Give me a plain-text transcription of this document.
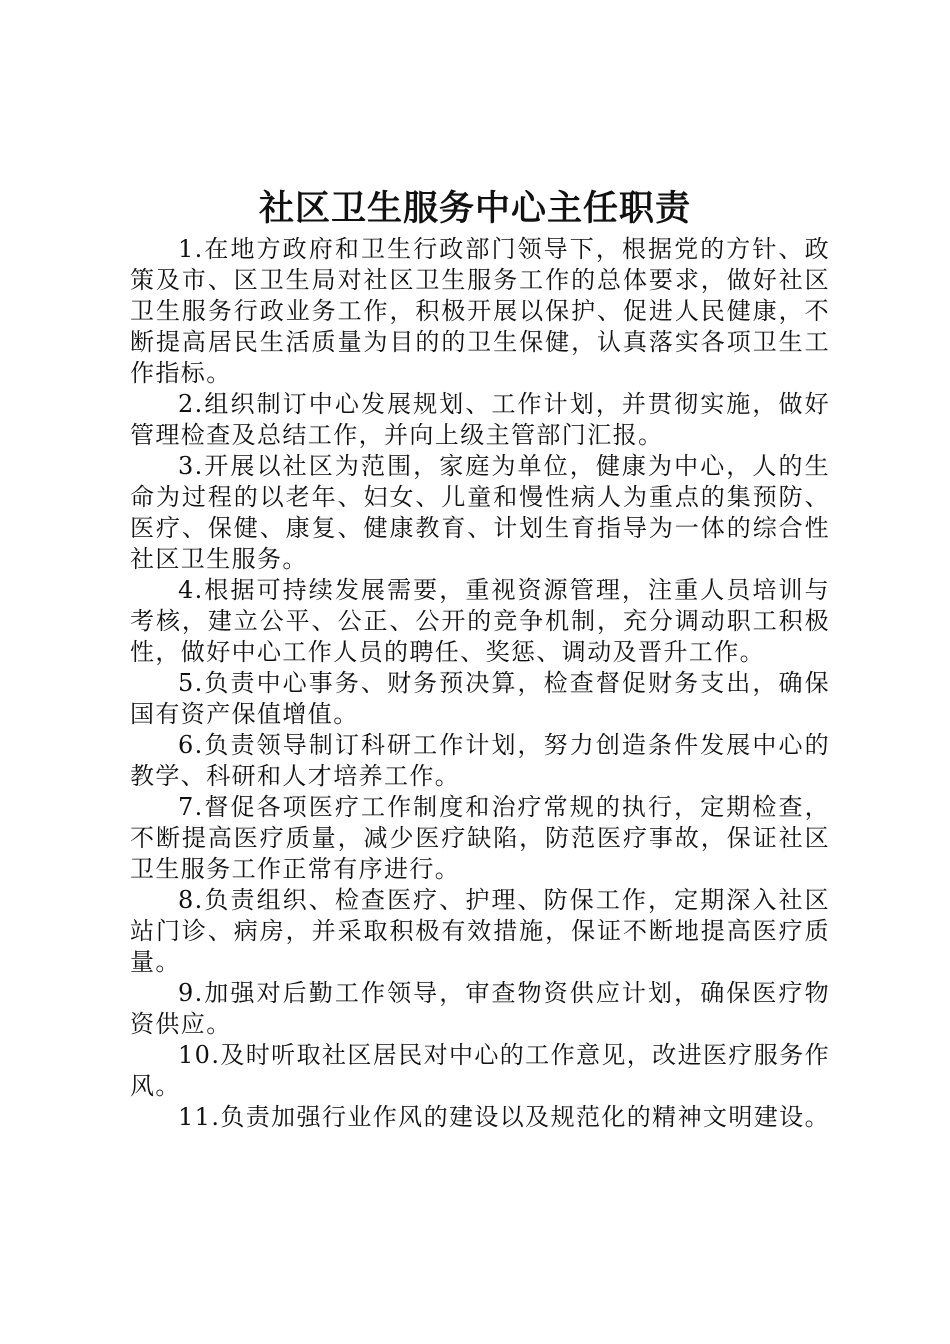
社区卫生服务中心主任职责

1.在地方政府和卫生行政部门领导下，根据党的方针、政策及市、区卫生局对社区卫生服务工作的总体要求，做好社区卫生服务行政业务工作，积极开展以保护、促进人民健康，不断提高居民生活质量为目的的卫生保健，认真落实各项卫生工作指标。

2.组织制订中心发展规划、工作计划，并贯彻实施，做好管理检查及总结工作，并向上级主管部门汇报。

3.开展以社区为范围，家庭为单位，健康为中心，人的生命为过程的以老年、妇女、儿童和慢性病人为重点的集预防、医疗、保健、康复、健康教育、计划生育指导为一体的综合性社区卫生服务。

4.根据可持续发展需要，重视资源管理，注重人员培训与考核，建立公平、公正、公开的竞争机制，充分调动职工积极性，做好中心工作人员的聘任、奖惩、调动及晋升工作。

5.负责中心事务、财务预决算，检查督促财务支出，确保国有资产保值增值。

6.负责领导制订科研工作计划，努力创造条件发展中心的教学、科研和人才培养工作。

7.督促各项医疗工作制度和治疗常规的执行，定期检查，不断提高医疗质量，减少医疗缺陷，防范医疗事故，保证社区卫生服务工作正常有序进行。

8.负责组织、检查医疗、护理、防保工作，定期深入社区站门诊、病房，并采取积极有效措施，保证不断地提高医疗质量。

9.加强对后勤工作领导，审查物资供应计划，确保医疗物资供应。

10.及时听取社区居民对中心的工作意见，改进医疗服务作风。

11.负责加强行业作风的建设以及规范化的精神文明建设。
